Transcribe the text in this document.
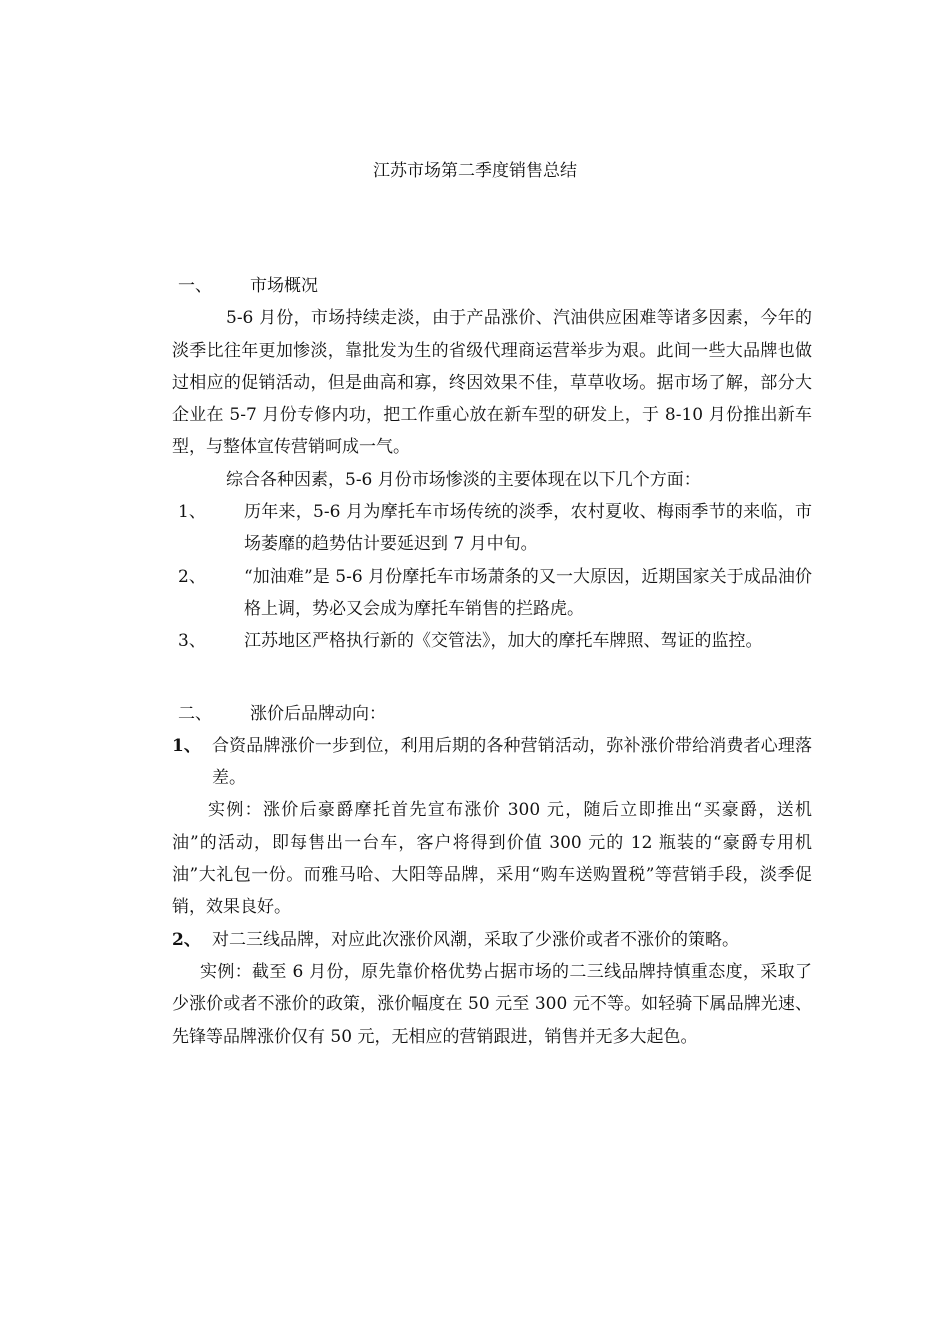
江苏市场第二季度销售总结
一、	市场概况

5-6 月份，市场持续走淡，由于产品涨价、汽油供应困难等诸多因素，今年的淡季比往年更加惨淡，靠批发为生的省级代理商运营举步为艰。此间一些大品牌也做过相应的促销活动，但是曲高和寡，终因效果不佳，草草收场。据市场了解，部分大企业在 5-7 月份专修内功，把工作重心放在新车型的研发上，于 8-10 月份推出新车型，与整体宣传营销呵成一气。

综合各种因素，5-6 月份市场惨淡的主要体现在以下几个方面：

1、	历年来，5-6 月为摩托车市场传统的淡季，农村夏收、梅雨季节的来临，市场萎靡的趋势估计要延迟到 7 月中旬。
2、	“加油难”是 5-6 月份摩托车市场萧条的又一大原因，近期国家关于成品油价格上调，势必又会成为摩托车销售的拦路虎。
3、	江苏地区严格执行新的《交管法》，加大的摩托车牌照、驾证的监控。
二、	涨价后品牌动向：
1、 合资品牌涨价一步到位，利用后期的各种营销活动，弥补涨价带给消费者心理落差。

实例：涨价后豪爵摩托首先宣布涨价 300 元，随后立即推出“买豪爵，送机油”的活动，即每售出一台车，客户将得到价值 300 元的 12 瓶装的“豪爵专用机油”大礼包一份。而雅马哈、大阳等品牌，采用“购车送购置税”等营销手段，淡季促销，效果良好。

2、 对二三线品牌，对应此次涨价风潮，采取了少涨价或者不涨价的策略。

实例：截至 6 月份，原先靠价格优势占据市场的二三线品牌持慎重态度，采取了少涨价或者不涨价的政策，涨价幅度在 50 元至 300 元不等。如轻骑下属品牌光速、先锋等品牌涨价仅有 50 元，无相应的营销跟进，销售并无多大起色。
